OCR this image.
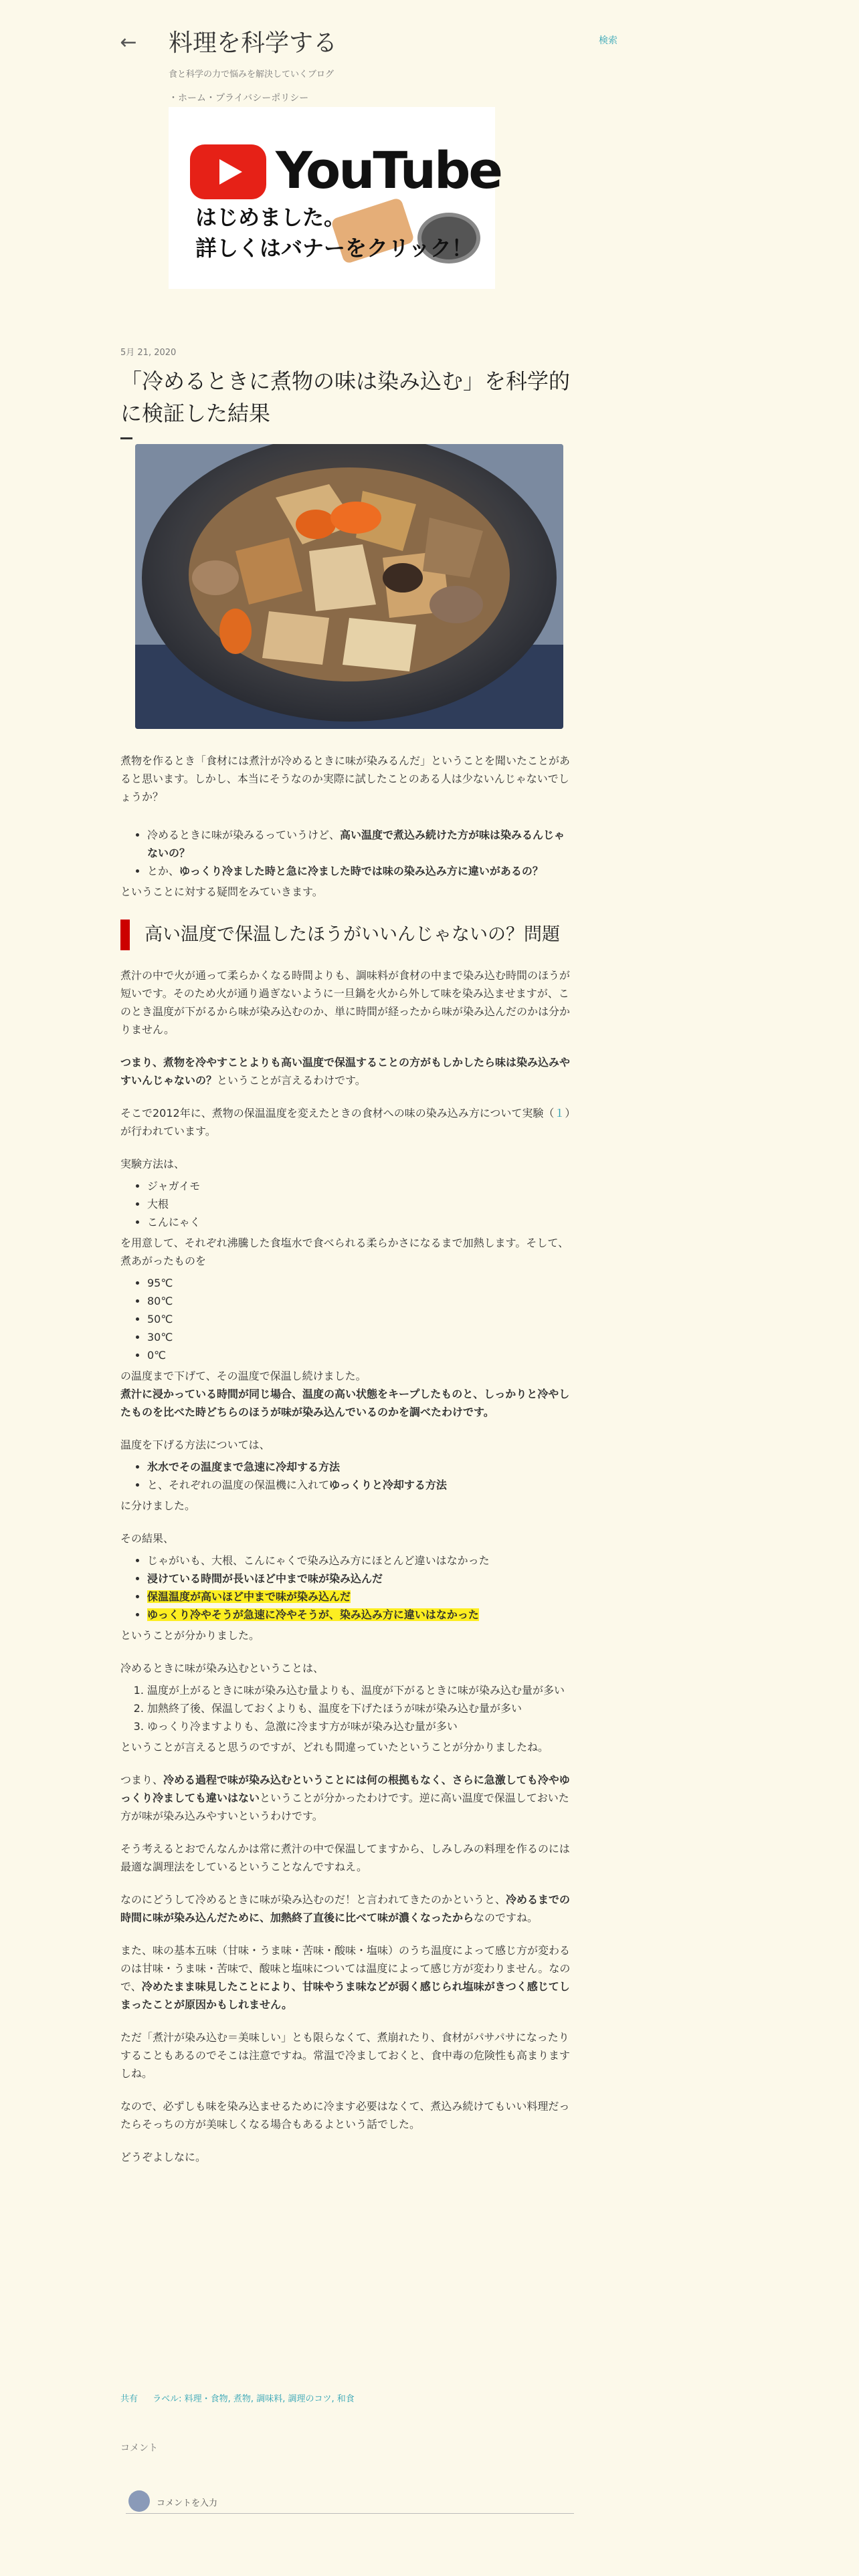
← 料理を科学する
食と科学の力で悩みを解決していくブログ
・ホーム・プライバシーポリシー
YouTube
はじめました。
詳しくはバナーをクリック！
5月 21, 2020
「冷めるときに煮物の味は染み込む」を科学的に検証した結果

煮物を作るとき「食材には煮汁が冷めるときに味が染みるんだ」ということを聞いたことがあると思います。しかし、本当にそうなのか実際に試したことのある人は少ないんじゃないでしょうか？

• 冷めるときに味が染みるっていうけど、高い温度で煮込み続けた方が味は染みるんじゃないの？
• とか、ゆっくり冷ました時と急に冷ました時では味の染み込み方に違いがあるの？

ということに対する疑問をみていきます。

高い温度で保温したほうがいいんじゃないの？問題

煮汁の中で火が通って柔らかくなる時間よりも、調味料が食材の中まで染み込む時間のほうが短いです。そのため火が通り過ぎないように一旦鍋を火から外して味を染み込ませますが、このとき温度が下がるから味が染み込むのか、単に時間が経ったから味が染み込んだのかは分かりません。

つまり、煮物を冷やすことよりも高い温度で保温することの方がもしかしたら味は染み込みやすいんじゃないの？ということが言えるわけです。

そこで2012年に、煮物の保温温度を変えたときの食材への味の染み込み方について実験（１）が行われています。

実験方法は、

• ジャガイモ
• 大根
• こんにゃく

を用意して、それぞれ沸騰した食塩水で食べられる柔らかさになるまで加熱します。そして、煮あがったものを

• 95℃
• 80℃
• 50℃
• 30℃
• 0℃

の温度まで下げて、その温度で保温し続けました。
煮汁に浸かっている時間が同じ場合、温度の高い状態をキープしたものと、しっかりと冷やしたものを比べた時どちらのほうが味が染み込んでいるのかを調べたわけです。

温度を下げる方法については、

• 氷水でその温度まで急速に冷却する方法
• と、それぞれの温度の保温機に入れてゆっくりと冷却する方法

に分けました。

その結果、

• じゃがいも、大根、こんにゃくで染み込み方にほとんど違いはなかった
• 浸けている時間が長いほど中まで味が染み込んだ
• 保温温度が高いほど中まで味が染み込んだ
• ゆっくり冷やそうが急速に冷やそうが、染み込み方に違いはなかった

ということが分かりました。

冷めるときに味が染み込むということは、

1. 温度が上がるときに味が染み込む量よりも、温度が下がるときに味が染み込む量が多い
2. 加熱終了後、保温しておくよりも、温度を下げたほうが味が染み込む量が多い
3. ゆっくり冷ますよりも、急激に冷ます方が味が染み込む量が多い

ということが言えると思うのですが、どれも間違っていたということが分かりましたね。

つまり、冷める過程で味が染み込むということには何の根拠もなく、さらに急激しても冷やゆっくり冷ましても違いはないということが分かったわけです。逆に高い温度で保温しておいた方が味が染み込みやすいというわけです。

そう考えるとおでんなんかは常に煮汁の中で保温してますから、しみしみの料理を作るのには最適な調理法をしているということなんですねえ。

なのにどうして冷めるときに味が染み込むのだ！と言われてきたのかというと、冷めるまでの時間に味が染み込んだために、加熱終了直後に比べて味が濃くなったからなのですね。

また、味の基本五味（甘味・うま味・苦味・酸味・塩味）のうち温度によって感じ方が変わるのは甘味・うま味・苦味で、酸味と塩味については温度によって感じ方が変わりません。なので、冷めたまま味見したことにより、甘味やうま味などが弱く感じられ塩味がきつく感じてしまったことが原因かもしれません。

ただ「煮汁が染み込む＝美味しい」とも限らなくて、煮崩れたり、食材がパサパサになったりすることもあるのでそこは注意ですね。常温で冷ましておくと、食中毒の危険性も高まりますしね。

なので、必ずしも味を染み込ませるために冷ます必要はなくて、煮込み続けてもいい料理だったらそっちの方が美味しくなる場合もあるよという話でした。

どうぞよしなに。

共有 ラベル: 料理・食物, 煮物, 調味料, 調理のコツ, 和食
コメント
コメントを入力
検索
